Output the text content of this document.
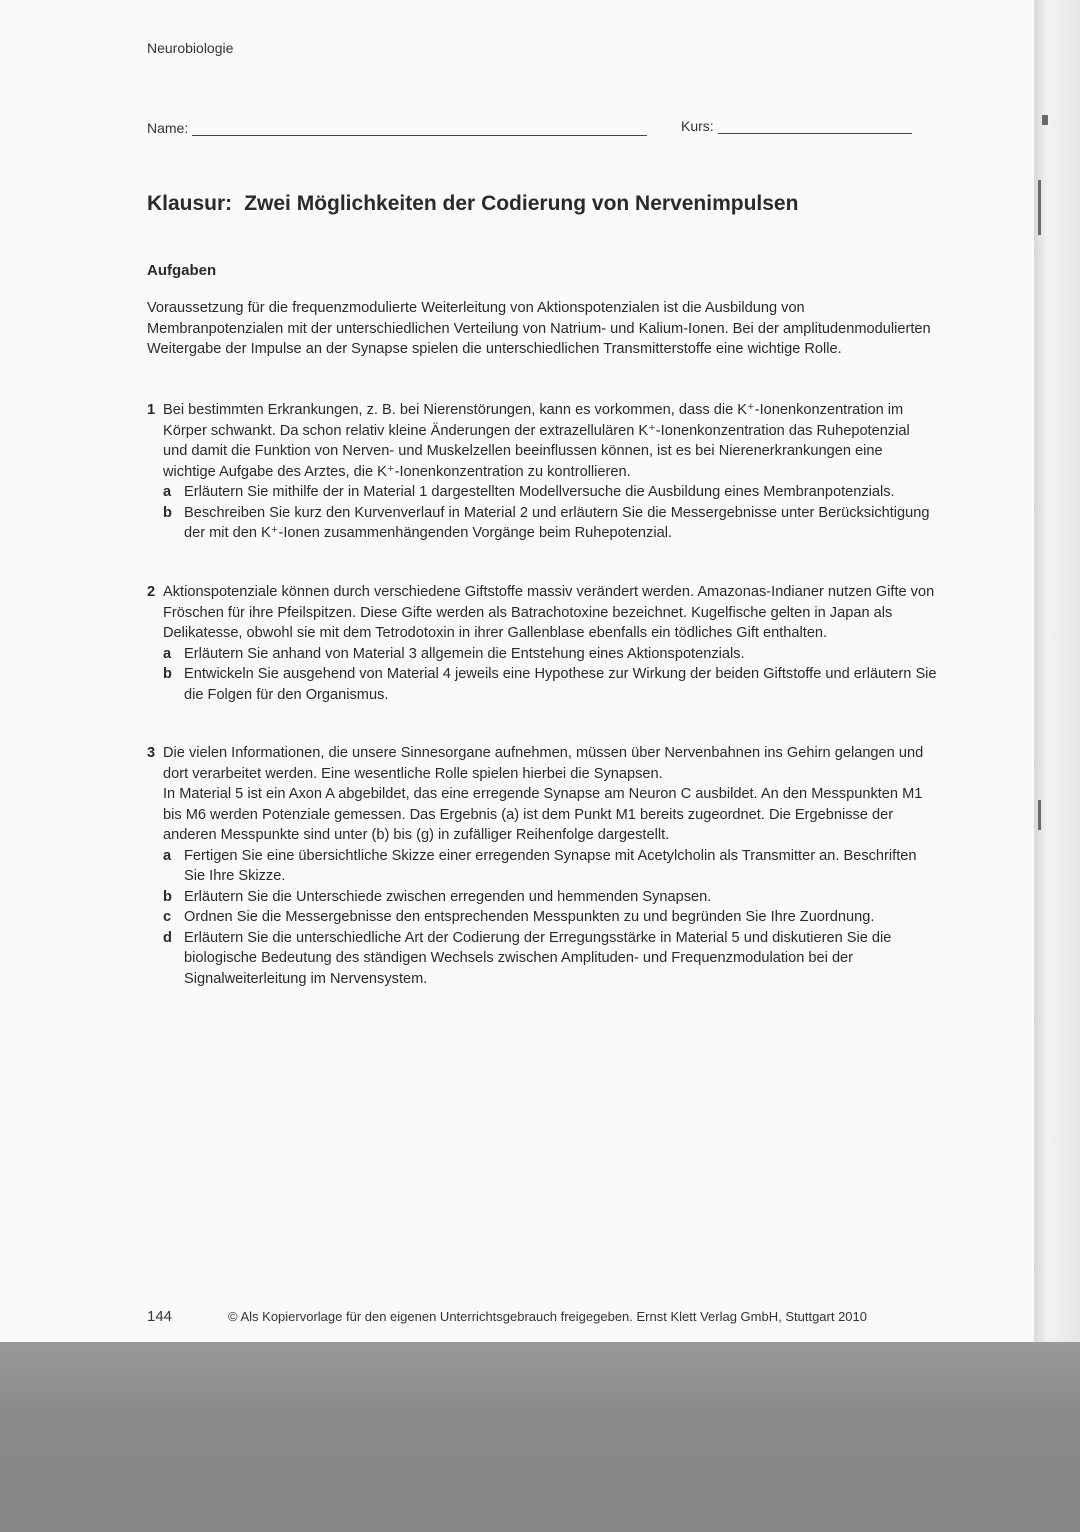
Neurobiologie
Name:	Kurs:
Klausur: Zwei Möglichkeiten der Codierung von Nervenimpulsen
Aufgaben
Voraussetzung für die frequenzmodulierte Weiterleitung von Aktionspotenzialen ist die Ausbildung von Membranpotenzialen mit der unterschiedlichen Verteilung von Natrium- und Kalium-Ionen. Bei der amplitudenmodulierten Weitergabe der Impulse an der Synapse spielen die unterschiedlichen Transmitterstoffe eine wichtige Rolle.
1 Bei bestimmten Erkrankungen, z. B. bei Nierenstörungen, kann es vorkommen, dass die K⁺-Ionenkonzentration im Körper schwankt. Da schon relativ kleine Änderungen der extrazellulären K⁺-Ionenkonzentration das Ruhepotenzial und damit die Funktion von Nerven- und Muskelzellen beeinflussen können, ist es bei Nierenerkrankungen eine wichtige Aufgabe des Arztes, die K⁺-Ionenkonzentration zu kontrollieren.
a Erläutern Sie mithilfe der in Material 1 dargestellten Modellversuche die Ausbildung eines Membranpotenzials.
b Beschreiben Sie kurz den Kurvenverlauf in Material 2 und erläutern Sie die Messergebnisse unter Berücksichtigung der mit den K⁺-Ionen zusammenhängenden Vorgänge beim Ruhepotenzial.
2 Aktionspotenziale können durch verschiedene Giftstoffe massiv verändert werden. Amazonas-Indianer nutzen Gifte von Fröschen für ihre Pfeilspitzen. Diese Gifte werden als Batrachotoxine bezeichnet. Kugelfische gelten in Japan als Delikatesse, obwohl sie mit dem Tetrodotoxin in ihrer Gallenblase ebenfalls ein tödliches Gift enthalten.
a Erläutern Sie anhand von Material 3 allgemein die Entstehung eines Aktionspotenzials.
b Entwickeln Sie ausgehend von Material 4 jeweils eine Hypothese zur Wirkung der beiden Giftstoffe und erläutern Sie die Folgen für den Organismus.
3 Die vielen Informationen, die unsere Sinnesorgane aufnehmen, müssen über Nervenbahnen ins Gehirn gelangen und dort verarbeitet werden. Eine wesentliche Rolle spielen hierbei die Synapsen.
In Material 5 ist ein Axon A abgebildet, das eine erregende Synapse am Neuron C ausbildet. An den Messpunkten M1 bis M6 werden Potenziale gemessen. Das Ergebnis (a) ist dem Punkt M1 bereits zugeordnet. Die Ergebnisse der anderen Messpunkte sind unter (b) bis (g) in zufälliger Reihenfolge dargestellt.
a Fertigen Sie eine übersichtliche Skizze einer erregenden Synapse mit Acetylcholin als Transmitter an. Beschriften Sie Ihre Skizze.
b Erläutern Sie die Unterschiede zwischen erregenden und hemmenden Synapsen.
c Ordnen Sie die Messergebnisse den entsprechenden Messpunkten zu und begründen Sie Ihre Zuordnung.
d Erläutern Sie die unterschiedliche Art der Codierung der Erregungsstärke in Material 5 und diskutieren Sie die biologische Bedeutung des ständigen Wechsels zwischen Amplituden- und Frequenzmodulation bei der Signalweiterleitung im Nervensystem.
144	© Als Kopiervorlage für den eigenen Unterrichtsgebrauch freigegeben. Ernst Klett Verlag GmbH, Stuttgart 2010
